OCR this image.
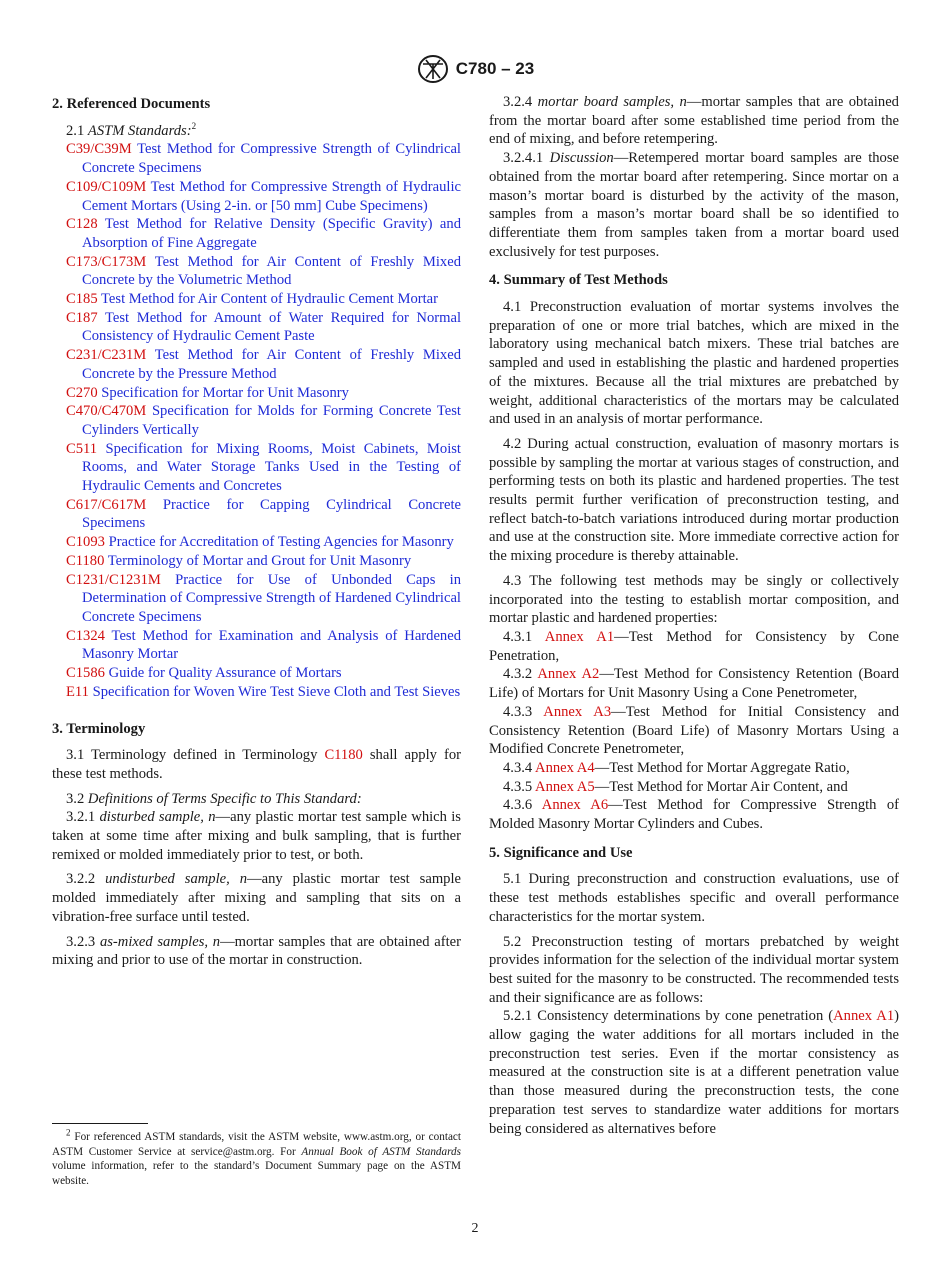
C780 – 23
2. Referenced Documents

2.1 ASTM Standards:$^2$

C39/C39M Test Method for Compressive Strength of Cylindrical Concrete Specimens

C109/C109M Test Method for Compressive Strength of Hydraulic Cement Mortars (Using 2-in. or [50 mm] Cube Specimens)

C128 Test Method for Relative Density (Specific Gravity) and Absorption of Fine Aggregate

C173/C173M Test Method for Air Content of Freshly Mixed Concrete by the Volumetric Method

C185 Test Method for Air Content of Hydraulic Cement Mortar

C187 Test Method for Amount of Water Required for Normal Consistency of Hydraulic Cement Paste

C231/C231M Test Method for Air Content of Freshly Mixed Concrete by the Pressure Method

C270 Specification for Mortar for Unit Masonry

C470/C470M Specification for Molds for Forming Concrete Test Cylinders Vertically

C511 Specification for Mixing Rooms, Moist Cabinets, Moist Rooms, and Water Storage Tanks Used in the Testing of Hydraulic Cements and Concretes

C617/C617M Practice for Capping Cylindrical Concrete Specimens

C1093 Practice for Accreditation of Testing Agencies for Masonry

C1180 Terminology of Mortar and Grout for Unit Masonry

C1231/C1231M Practice for Use of Unbonded Caps in Determination of Compressive Strength of Hardened Cylindrical Concrete Specimens

C1324 Test Method for Examination and Analysis of Hardened Masonry Mortar

C1586 Guide for Quality Assurance of Mortars

E11 Specification for Woven Wire Test Sieve Cloth and Test Sieves

3. Terminology

3.1 Terminology defined in Terminology C1180 shall apply for these test methods.

3.2 Definitions of Terms Specific to This Standard:

3.2.1 disturbed sample, n—any plastic mortar test sample which is taken at some time after mixing and bulk sampling, that is further remixed or molded immediately prior to test, or both.

3.2.2 undisturbed sample, n—any plastic mortar test sample molded immediately after mixing and sampling that sits on a vibration-free surface until tested.

3.2.3 as-mixed samples, n—mortar samples that are obtained after mixing and prior to use of the mortar in construction.

$^2$ For referenced ASTM standards, visit the ASTM website, www.astm.org, or contact ASTM Customer Service at service@astm.org. For Annual Book of ASTM Standards volume information, refer to the standard’s Document Summary page on the ASTM website.

3.2.4 mortar board samples, n—mortar samples that are obtained from the mortar board after some established time period from the end of mixing, and before retempering.

3.2.4.1 Discussion—Retempered mortar board samples are those obtained from the mortar board after retempering. Since mortar on a mason’s mortar board is disturbed by the activity of the mason, samples from a mason’s mortar board shall be so identified to differentiate them from samples taken from a mortar board used exclusively for test purposes.

4. Summary of Test Methods

4.1 Preconstruction evaluation of mortar systems involves the preparation of one or more trial batches, which are mixed in the laboratory using mechanical batch mixers. These trial batches are sampled and used in establishing the plastic and hardened properties of the mixtures. Because all the trial mixtures are prebatched by weight, additional characteristics of the mortars may be calculated and used in an analysis of mortar performance.

4.2 During actual construction, evaluation of masonry mortars is possible by sampling the mortar at various stages of construction, and performing tests on both its plastic and hardened properties. The test results permit further verification of preconstruction testing, and reflect batch-to-batch variations introduced during mortar production and use at the construction site. More immediate corrective action for the mixing procedure is thereby attainable.

4.3 The following test methods may be singly or collectively incorporated into the testing to establish mortar composition, and mortar plastic and hardened properties:

4.3.1 Annex A1—Test Method for Consistency by Cone Penetration,

4.3.2 Annex A2—Test Method for Consistency Retention (Board Life) of Mortars for Unit Masonry Using a Cone Penetrometer,

4.3.3 Annex A3—Test Method for Initial Consistency and Consistency Retention (Board Life) of Masonry Mortars Using a Modified Concrete Penetrometer,

4.3.4 Annex A4—Test Method for Mortar Aggregate Ratio,

4.3.5 Annex A5—Test Method for Mortar Air Content, and

4.3.6 Annex A6—Test Method for Compressive Strength of Molded Masonry Mortar Cylinders and Cubes.

5. Significance and Use

5.1 During preconstruction and construction evaluations, use of these test methods establishes specific and overall performance characteristics for the mortar system.

5.2 Preconstruction testing of mortars prebatched by weight provides information for the selection of the individual mortar system best suited for the masonry to be constructed. The recommended tests and their significance are as follows:

5.2.1 Consistency determinations by cone penetration (Annex A1) allow gaging the water additions for all mortars included in the preconstruction test series. Even if the mortar consistency as measured at the construction site is at a different penetration value than those measured during the preconstruction tests, the cone preparation test serves to standardize water additions for mortars being considered as alternatives before

2
